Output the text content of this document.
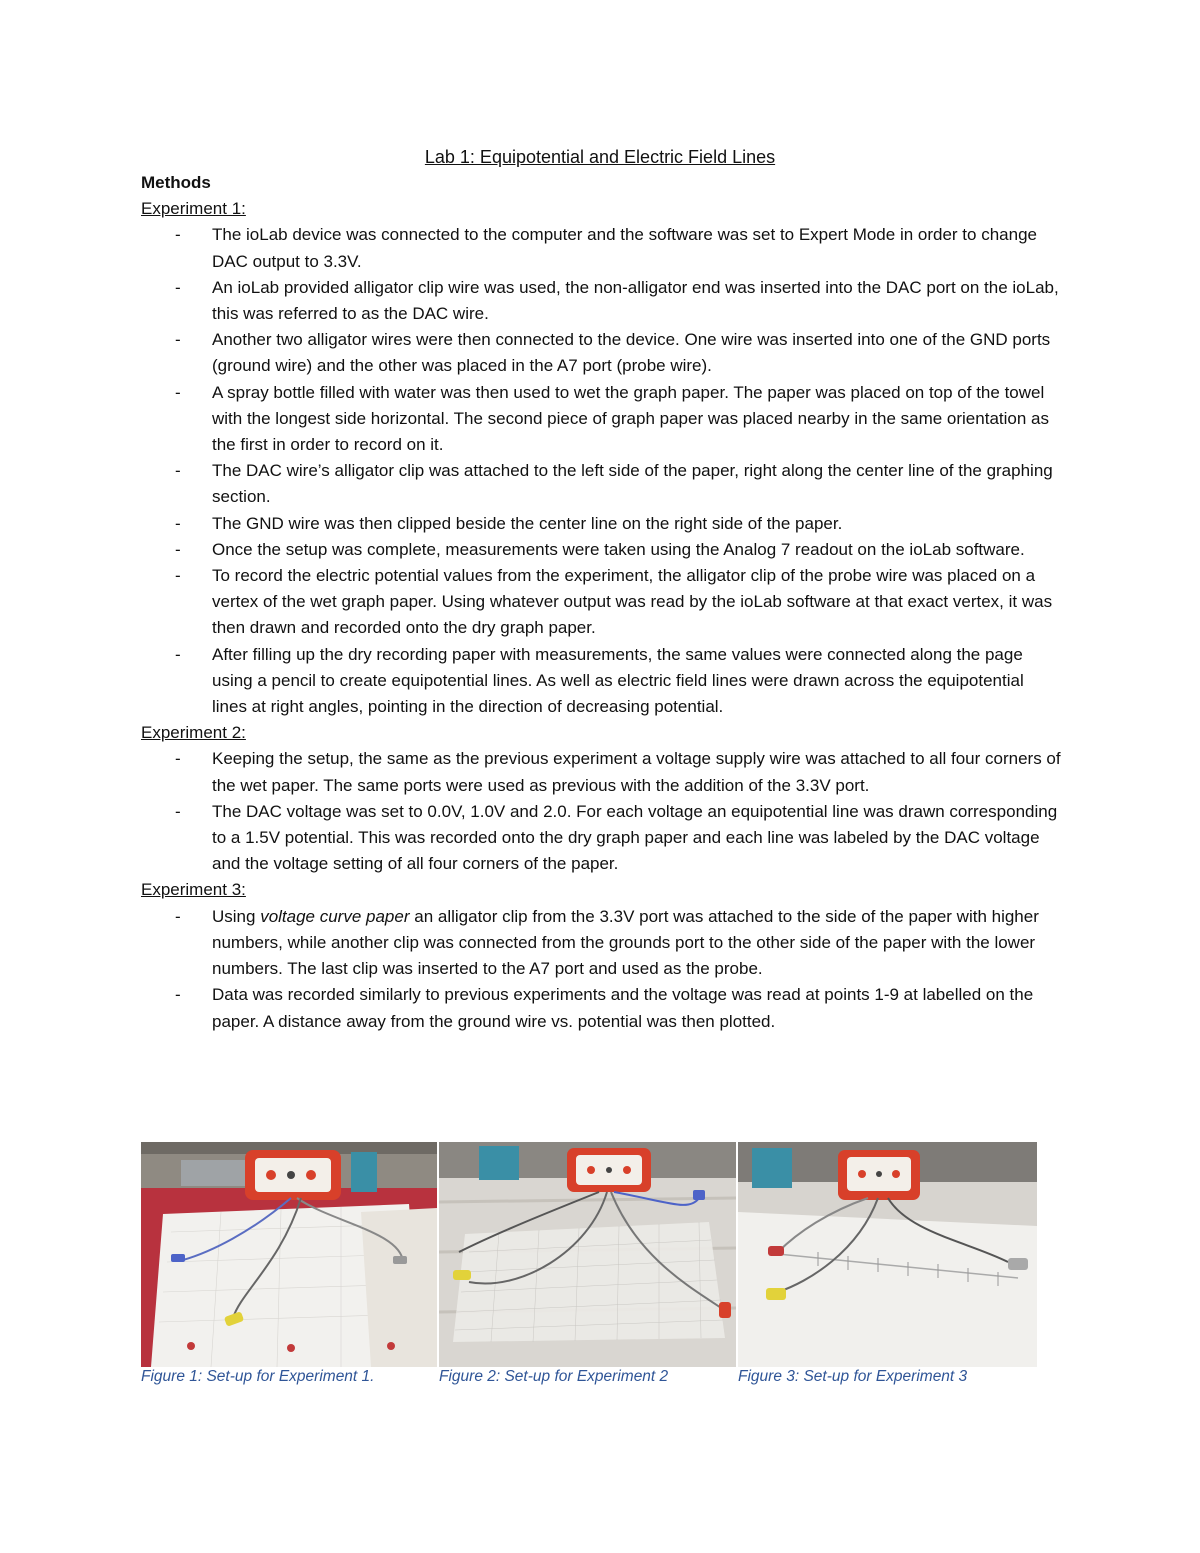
Lab 1: Equipotential and Electric Field Lines
Methods
Experiment 1:
- The ioLab device was connected to the computer and the software was set to Expert Mode in order to change DAC output to 3.3V.
- An ioLab provided alligator clip wire was used, the non-alligator end was inserted into the DAC port on the ioLab, this was referred to as the DAC wire.
- Another two alligator wires were then connected to the device. One wire was inserted into one of the GND ports (ground wire) and the other was placed in the A7 port (probe wire).
- A spray bottle filled with water was then used to wet the graph paper. The paper was placed on top of the towel with the longest side horizontal. The second piece of graph paper was placed nearby in the same orientation as the first in order to record on it.
- The DAC wire’s alligator clip was attached to the left side of the paper, right along the center line of the graphing section.
- The GND wire was then clipped beside the center line on the right side of the paper.
- Once the setup was complete, measurements were taken using the Analog 7 readout on the ioLab software.
- To record the electric potential values from the experiment, the alligator clip of the probe wire was placed on a vertex of the wet graph paper. Using whatever output was read by the ioLab software at that exact vertex, it was then drawn and recorded onto the dry graph paper.
- After filling up the dry recording paper with measurements, the same values were connected along the page using a pencil to create equipotential lines. As well as electric field lines were drawn across the equipotential lines at right angles, pointing in the direction of decreasing potential.
Experiment 2:
- Keeping the setup, the same as the previous experiment a voltage supply wire was attached to all four corners of the wet paper. The same ports were used as previous with the addition of the 3.3V port.
- The DAC voltage was set to 0.0V, 1.0V and 2.0. For each voltage an equipotential line was drawn corresponding to a 1.5V potential. This was recorded onto the dry graph paper and each line was labeled by the DAC voltage and the voltage setting of all four corners of the paper.
Experiment 3:
- Using voltage curve paper an alligator clip from the 3.3V port was attached to the side of the paper with higher numbers, while another clip was connected from the grounds port to the other side of the paper with the lower numbers. The last clip was inserted to the A7 port and used as the probe.
- Data was recorded similarly to previous experiments and the voltage was read at points 1-9 at labelled on the paper. A distance away from the ground wire vs. potential was then plotted.
Figure 1: Set-up for Experiment 1.	Figure 2: Set-up for Experiment 2	Figure 3: Set-up for Experiment 3
